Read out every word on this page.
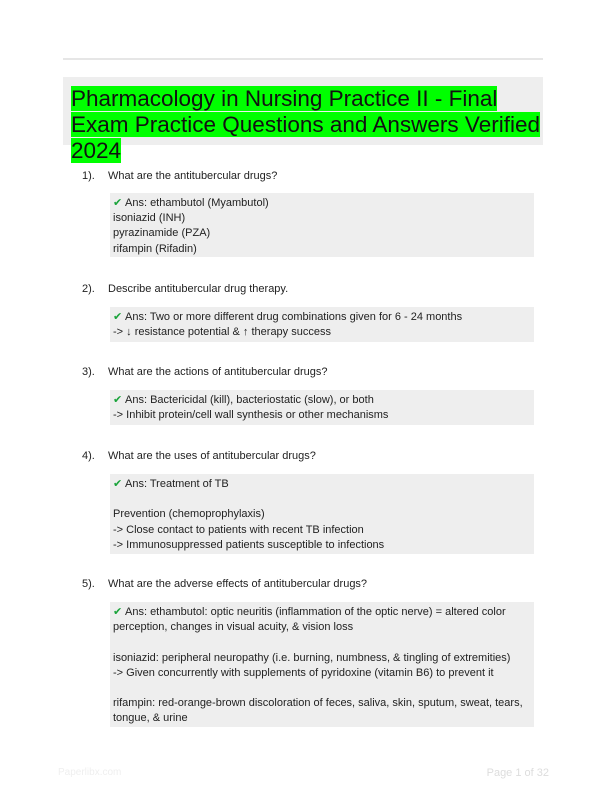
Pharmacology in Nursing Practice II - Final Exam Practice Questions and Answers Verified 2024
1). What are the antitubercular drugs?
✔ Ans: ethambutol (Myambutol)
isoniazid (INH)
pyrazinamide (PZA)
rifampin (Rifadin)
2). Describe antitubercular drug therapy.
✔ Ans: Two or more different drug combinations given for 6 - 24 months
-> ↓ resistance potential & ↑ therapy success
3). What are the actions of antitubercular drugs?
✔ Ans: Bactericidal (kill), bacteriostatic (slow), or both
-> Inhibit protein/cell wall synthesis or other mechanisms
4). What are the uses of antitubercular drugs?
✔ Ans: Treatment of TB
Prevention (chemoprophylaxis)
-> Close contact to patients with recent TB infection
-> Immunosuppressed patients susceptible to infections
5). What are the adverse effects of antitubercular drugs?
✔ Ans: ethambutol: optic neuritis (inflammation of the optic nerve) = altered color
perception, changes in visual acuity, & vision loss
isoniazid: peripheral neuropathy (i.e. burning, numbness, & tingling of extremities)
-> Given concurrently with supplements of pyridoxine (vitamin B6) to prevent it
rifampin: red-orange-brown discoloration of feces, saliva, skin, sputum, sweat, tears,
tongue, & urine
Paperlibx.com	Page 1 of 32
